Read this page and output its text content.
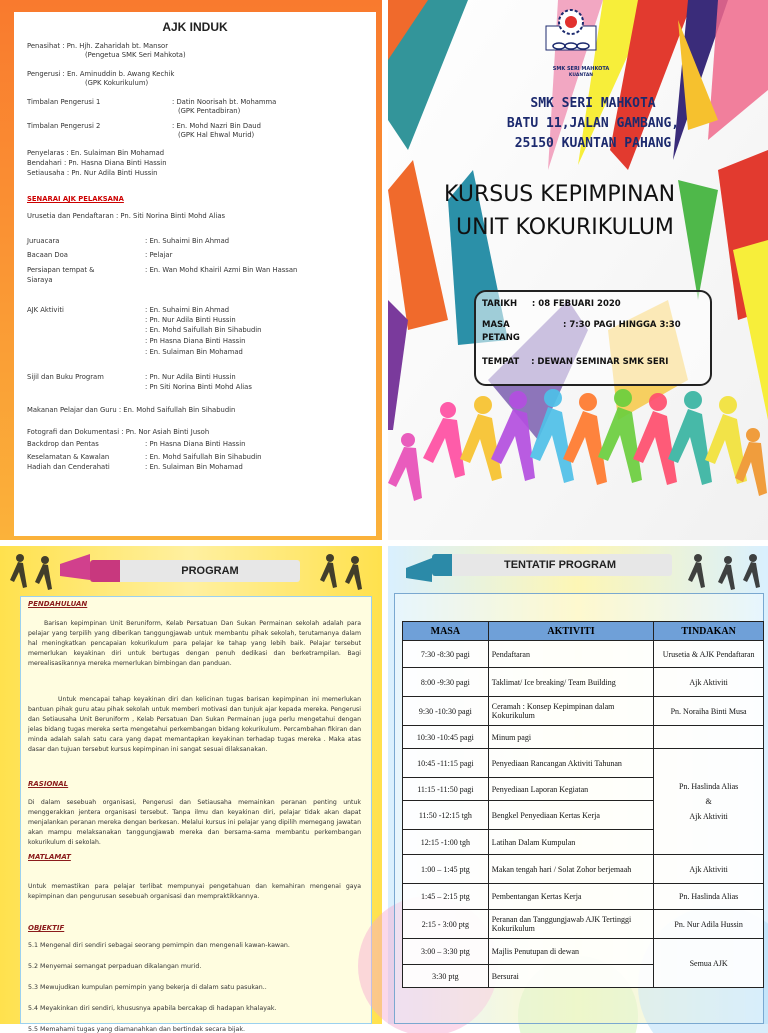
AJK INDUK
Penasihat : Pn. Hjh. Zaharidah bt. Mansor
(Pengetua SMK Seri Mahkota)
Pengerusi : En. Aminuddin b. Awang Kechik
(GPK Kokurikulum)
Timbalan Pengerusi 1	: Datin Noorisah bt. Mohamma
(GPK Pentadbiran)
Timbalan Pengerusi 2	: En. Mohd Nazri Bin Daud
(GPK Hal Ehwal Murid)
Penyelaras : En. Sulaiman Bin Mohamad
Bendahari : Pn. Hasna Diana Binti Hassin
Setiausaha : Pn. Nur Adila Binti Hussin
Urusetia dan Pendaftaran : Pn. Siti Norina Binti Mohd Alias
Juruacara	: En. Suhaimi Bin Ahmad
Bacaan Doa	: Pelajar
Persiapan tempat &	: En. Wan Mohd Khairil Azmi Bin Wan Hassan
Siaraya
AJK Aktiviti	: En. Suhaimi Bin Ahmad
: Pn. Nur Adila Binti Hussin
: En. Mohd Saifullah Bin Sihabudin
: Pn Hasna Diana Binti Hassin
: En. Sulaiman Bin Mohamad
Sijil dan Buku Program	: Pn. Nur Adila Binti Hussin
: Pn Siti Norina Binti Mohd Alias
Makanan Pelajar dan Guru : En. Mohd Saifullah Bin Sihabudin
Fotografi dan Dokumentasi : Pn. Nor Asiah Binti Jusoh
Backdrop dan Pentas	: Pn Hasna Diana Binti Hassin
Keselamatan & Kawalan	: En. Mohd Saifullah Bin Sihabudin
Hadiah dan Cenderahati	: En. Sulaiman Bin Mohamad
SENARAI AJK PELAKSANA
SMK SERI MAHKOTA
KUANTAN
SMK SERI MAHKOTA
BATU 11,JALAN GAMBANG,
25150 KUANTAN PAHANG
KURSUS KEPIMPINAN
UNIT KOKURIKULUM
TARIKH     : 08 FEBUARI 2020
MASA                  : 7:30 PAGI HINGGA 3:30
PETANG
TEMPAT    : DEWAN SEMINAR SMK SERI
PROGRAM
PENDAHULUAN
Barisan kepimpinan Unit Beruniform, Kelab Persatuan Dan Sukan Permainan sekolah adalah para pelajar yang terpilih yang diberikan tanggungjawab untuk membantu pihak sekolah, terutamanya dalam hal meningkatkan pencapaian kokurikulum para pelajar ke tahap yang lebih baik. Pelajar tersebut memerlukan keyakinan diri untuk bertugas dengan penuh dedikasi dan berketrampilan. Bagi merealisasikannya mereka memerlukan bimbingan dan panduan.
Untuk mencapai tahap keyakinan diri dan kelicinan tugas barisan kepimpinan ini memerlukan bantuan pihak guru atau pihak sekolah untuk memberi motivasi dan tunjuk ajar kepada mereka. Pengerusi dan Setiausaha Unit Beruniform , Kelab Persatuan Dan Sukan Permainan juga perlu mengetahui dengan jelas bidang tugas mereka serta mengetahui perkembangan bidang kokurikulum. Percambahan fikiran dan minda adalah salah satu cara yang dapat memantapkan keyakinan terhadap tugas mereka . Maka atas dasar dan tujuan tersebut kursus kepimpinan ini sangat sesuai dilaksanakan.
RASIONAL
Di dalam sesebuah organisasi, Pengerusi dan Setiausaha memainkan peranan penting untuk menggerakkan jentera organisasi tersebut. Tanpa ilmu dan keyakinan diri, pelajar tidak akan dapat menjalankan peranan mereka dengan berkesan. Melalui kursus ini pelajar yang dipilih memegang jawatan akan mampu melaksanakan tanggungjawab mereka dan bersama-sama membantu perkembangan kokurikulum di sekolah.
MATLAMAT
Untuk memastikan para pelajar terlibat mempunyai pengetahuan dan kemahiran mengenai gaya kepimpinan dan pengurusan sesebuah organisasi dan mempraktikkannya.
OBJEKTIF
5.1 Mengenal diri sendiri sebagai seorang pemimpin dan mengenali kawan-kawan.
5.2 Menyemai semangat perpaduan dikalangan murid.
5.3 Mewujudkan kumpulan pemimpin yang bekerja di dalam satu pasukan..
5.4 Meyakinkan diri sendiri, khususnya apabila bercakap di hadapan khalayak.
5.5 Memahami tugas yang diamanahkan dan bertindak secara bijak.
TENTATIF PROGRAM
MASA	AKTIVITI	TINDAKAN
7:30 -8:30 pagi	Pendaftaran	Urusetia & AJK Pendaftaran
8:00 -9:30 pagi	Taklimat/ Ice breaking/ Team Building	Ajk Aktiviti
9:30 -10:30 pagi	Ceramah : Konsep Kepimpinan dalam Kokurikulum	Pn. Noraiha Binti Musa
10:30 -10:45 pagi	Minum pagi	
10:45 -11:15 pagi	Penyediaan Rancangan Aktiviti Tahunan	Pn. Haslinda Alias
&
Ajk Aktiviti

11:15 -11:50 pagi	Penyediaan Laporan Kegiatan	
11:50 -12:15 tgh	Bengkel Penyediaan Kertas Kerja	
12:15 -1:00 tgh	Latihan Dalam Kumpulan	
1:00 – 1:45 ptg	Makan tengah hari / Solat Zohor berjemaah	Ajk Aktiviti
1:45 – 2:15 ptg	Pembentangan Kertas Kerja	Pn. Haslinda Alias
2:15 - 3:00 ptg	Peranan dan Tanggungjawab AJK Tertinggi Kokurikulum	Pn. Nur Adila Hussin
3:00 – 3:30 ptg	Majlis Penutupan di dewan	Semua AJK

3:30 ptg	Bersurai	
